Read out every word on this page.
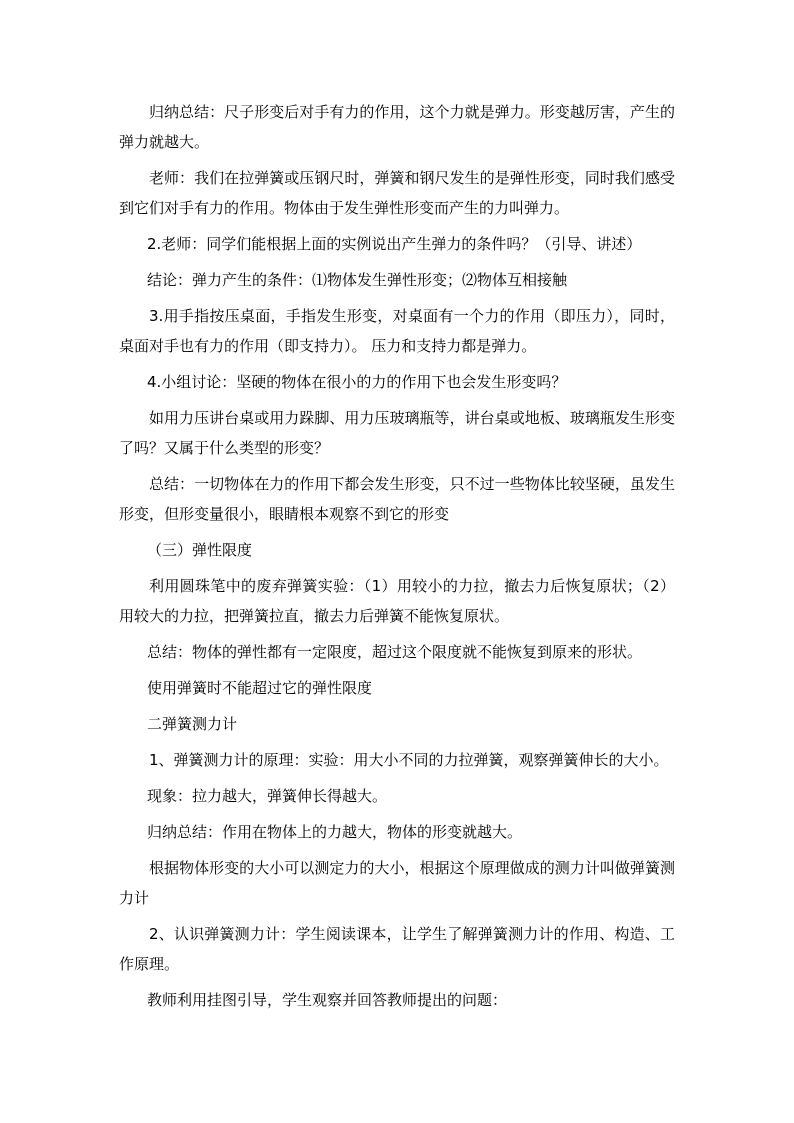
归纳总结：尺子形变后对手有力的作用，这个力就是弹力。形变越厉害，产生的弹力就越大。

老师：我们在拉弹簧或压钢尺时，弹簧和钢尺发生的是弹性形变，同时我们感受到它们对手有力的作用。物体由于发生弹性形变而产生的力叫弹力。

2.老师：同学们能根据上面的实例说出产生弹力的条件吗？（引导、讲述）

结论：弹力产生的条件：⑴物体发生弹性形变；⑵物体互相接触

3.用手指按压桌面，手指发生形变，对桌面有一个力的作用（即压力），同时，桌面对手也有力的作用（即支持力）。 压力和支持力都是弹力。

4.小组讨论：坚硬的物体在很小的力的作用下也会发生形变吗？

如用力压讲台桌或用力跺脚、用力压玻璃瓶等，讲台桌或地板、玻璃瓶发生形变了吗？又属于什么类型的形变？

总结：一切物体在力的作用下都会发生形变，只不过一些物体比较坚硬，虽发生形变，但形变量很小，眼睛根本观察不到它的形变

（三）弹性限度

利用圆珠笔中的废弃弹簧实验：（1）用较小的力拉，撤去力后恢复原状；（2）用较大的力拉，把弹簧拉直，撤去力后弹簧不能恢复原状。

总结：物体的弹性都有一定限度，超过这个限度就不能恢复到原来的形状。

使用弹簧时不能超过它的弹性限度

二弹簧测力计

1、弹簧测力计的原理：实验：用大小不同的力拉弹簧，观察弹簧伸长的大小。

现象：拉力越大，弹簧伸长得越大。

归纳总结：作用在物体上的力越大，物体的形变就越大。

根据物体形变的大小可以测定力的大小，根据这个原理做成的测力计叫做弹簧测力计

2、认识弹簧测力计：学生阅读课本，让学生了解弹簧测力计的作用、构造、工作原理。

教师利用挂图引导，学生观察并回答教师提出的问题：
